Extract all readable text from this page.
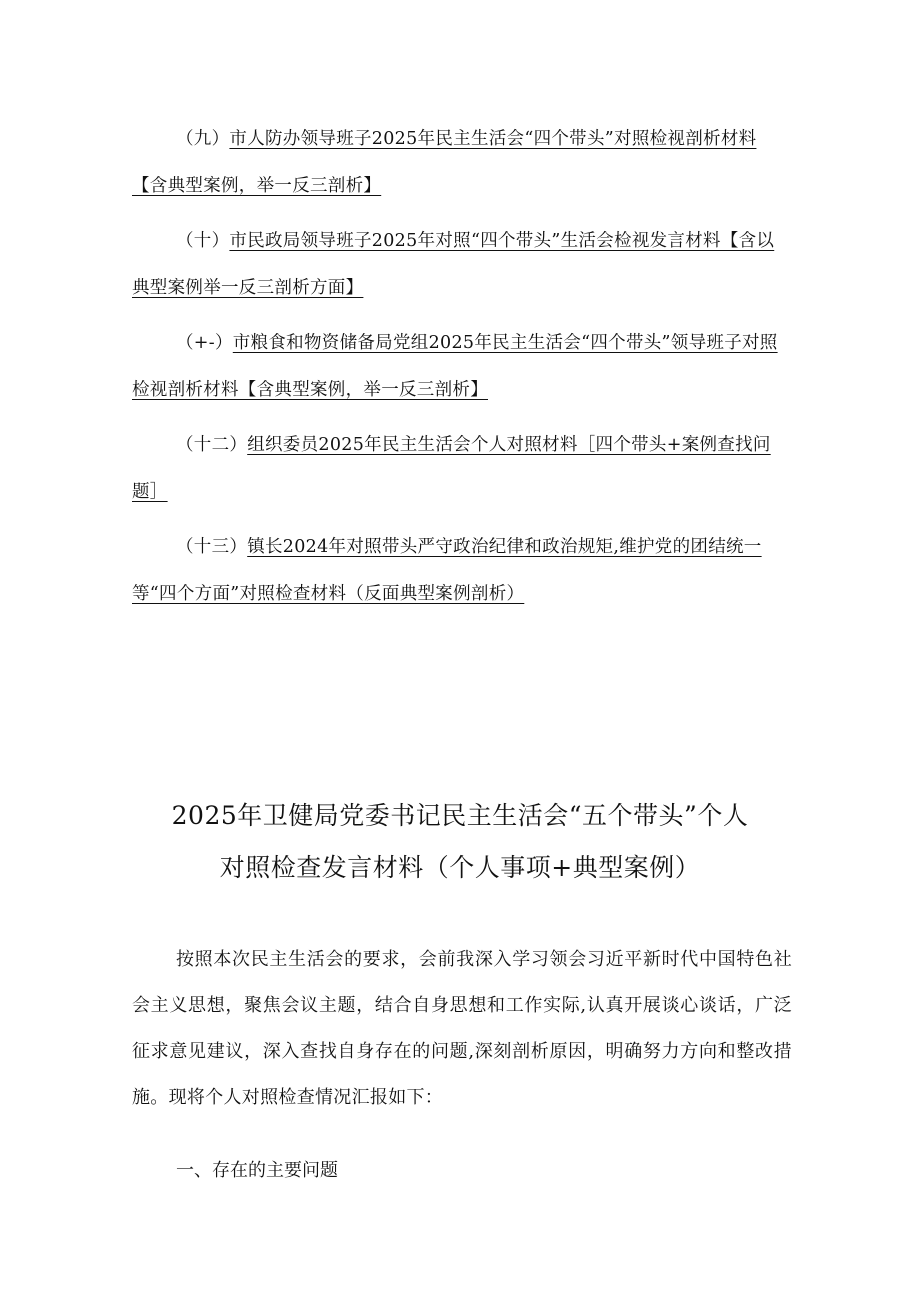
（九）市人防办领导班子2025年民主生活会“四个带头”对照检视剖析材料【含典型案例，举一反三剖析】

（十）市民政局领导班子2025年对照“四个带头”生活会检视发言材料【含以典型案例举一反三剖析方面】

（+-）市粮食和物资储备局党组2025年民主生活会“四个带头”领导班子对照检视剖析材料【含典型案例，举一反三剖析】

（十二）组织委员2025年民主生活会个人对照材料［四个带头+案例查找问题］

（十三）镇长2024年对照带头严守政治纪律和政治规矩,维护党的团结统一等“四个方面”对照检查材料（反面典型案例剖析）

2025年卫健局党委书记民主生活会“五个带头”个人
对照检查发言材料（个人事项+典型案例）

按照本次民主生活会的要求，会前我深入学习领会习近平新时代中国特色社会主义思想，聚焦会议主题，结合自身思想和工作实际,认真开展谈心谈话，广泛征求意见建议，深入查找自身存在的问题,深刻剖析原因，明确努力方向和整改措施。现将个人对照检查情况汇报如下：

一、存在的主要问题
